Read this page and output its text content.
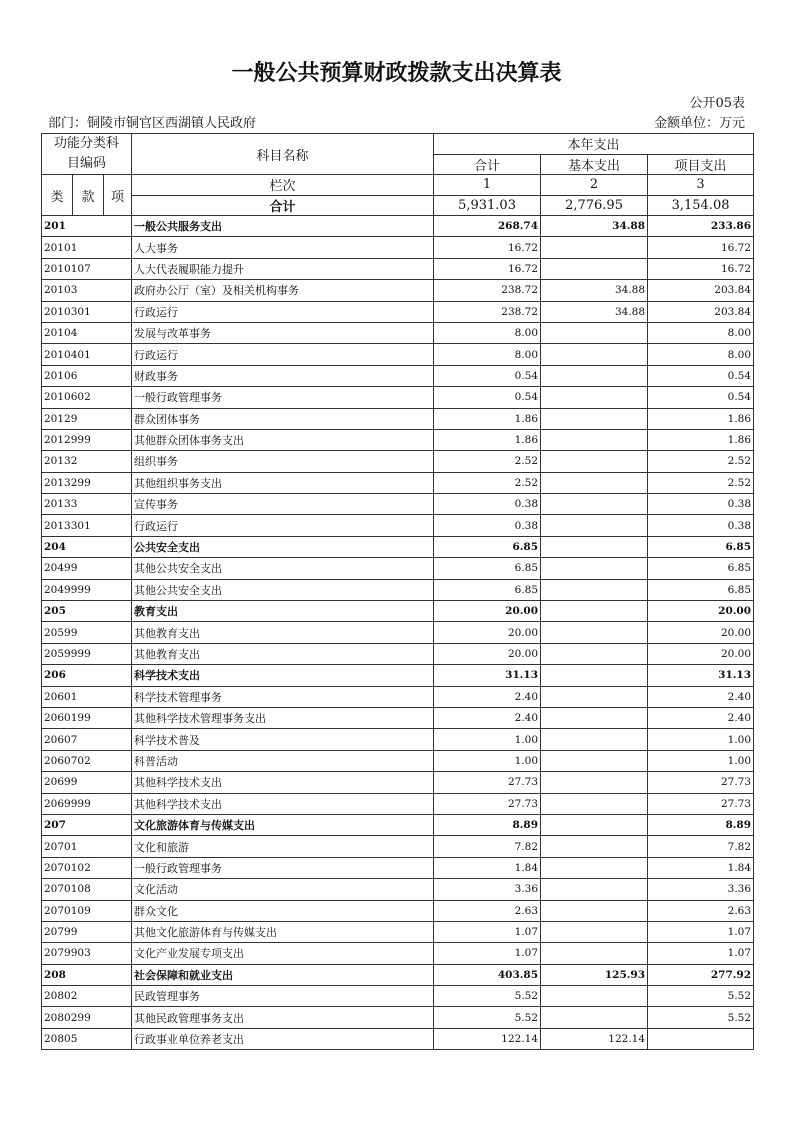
一般公共预算财政拨款支出决算表
公开05表
部门：铜陵市铜官区西湖镇人民政府	金额单位：万元
功能分类科目编码			科目名称	本年支出		
				合计	基本支出	项目支出
类	款	项	栏次	1	2	3
			合计	5,931.03	2,776.95	3,154.08
201			一般公共服务支出	268.74	34.88	233.86
20101			人大事务	16.72		16.72
2010107			人大代表履职能力提升	16.72		16.72
20103			政府办公厅（室）及相关机构事务	238.72	34.88	203.84
2010301			行政运行	238.72	34.88	203.84
20104			发展与改革事务	8.00		8.00
2010401			行政运行	8.00		8.00
20106			财政事务	0.54		0.54
2010602			一般行政管理事务	0.54		0.54
20129			群众团体事务	1.86		1.86
2012999			其他群众团体事务支出	1.86		1.86
20132			组织事务	2.52		2.52
2013299			其他组织事务支出	2.52		2.52
20133			宣传事务	0.38		0.38
2013301			行政运行	0.38		0.38
204			公共安全支出	6.85		6.85
20499			其他公共安全支出	6.85		6.85
2049999			其他公共安全支出	6.85		6.85
205			教育支出	20.00		20.00
20599			其他教育支出	20.00		20.00
2059999			其他教育支出	20.00		20.00
206			科学技术支出	31.13		31.13
20601			科学技术管理事务	2.40		2.40
2060199			其他科学技术管理事务支出	2.40		2.40
20607			科学技术普及	1.00		1.00
2060702			科普活动	1.00		1.00
20699			其他科学技术支出	27.73		27.73
2069999			其他科学技术支出	27.73		27.73
207			文化旅游体育与传媒支出	8.89		8.89
20701			文化和旅游	7.82		7.82
2070102			一般行政管理事务	1.84		1.84
2070108			文化活动	3.36		3.36
2070109			群众文化	2.63		2.63
20799			其他文化旅游体育与传媒支出	1.07		1.07
2079903			文化产业发展专项支出	1.07		1.07
208			社会保障和就业支出	403.85	125.93	277.92
20802			民政管理事务	5.52		5.52
2080299			其他民政管理事务支出	5.52		5.52
20805			行政事业单位养老支出	122.14	122.14	
